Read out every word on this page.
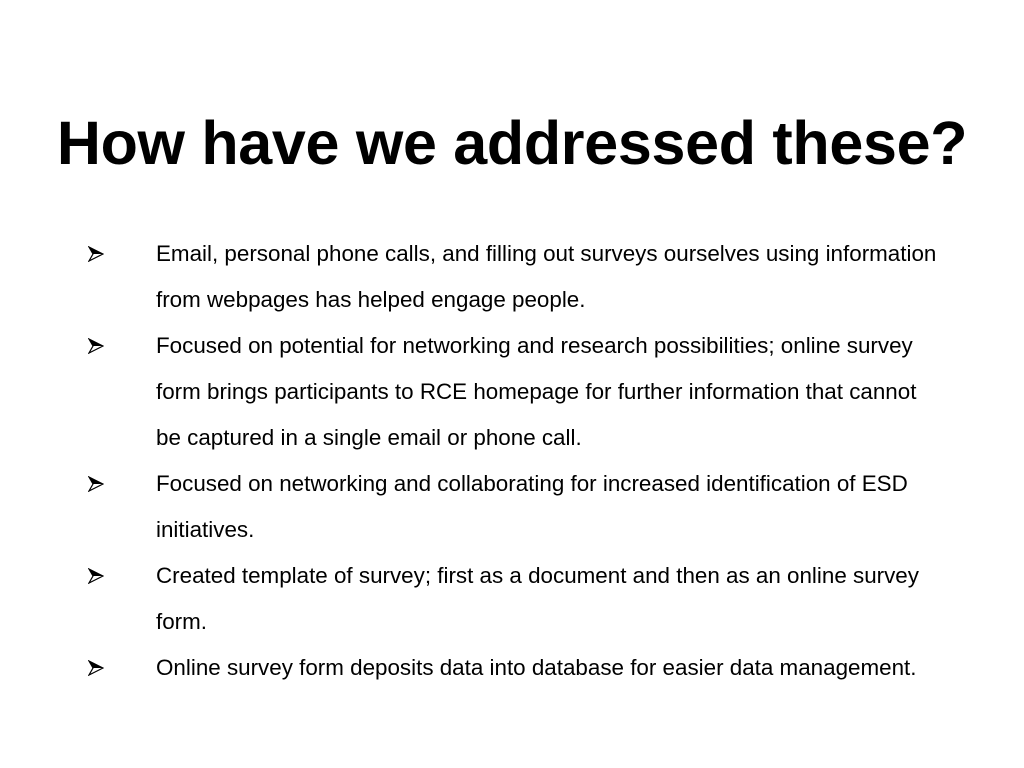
How have we addressed these?
Email, personal phone calls, and filling out surveys ourselves using information from webpages has helped engage people.
Focused on potential for networking and research possibilities; online survey form brings participants to RCE homepage for further information that cannot be captured in a single email or phone call.
Focused on networking and collaborating for increased identification of ESD initiatives.
Created template of survey; first as a document and then as an online survey form.
Online survey form deposits data into database for easier data management.
